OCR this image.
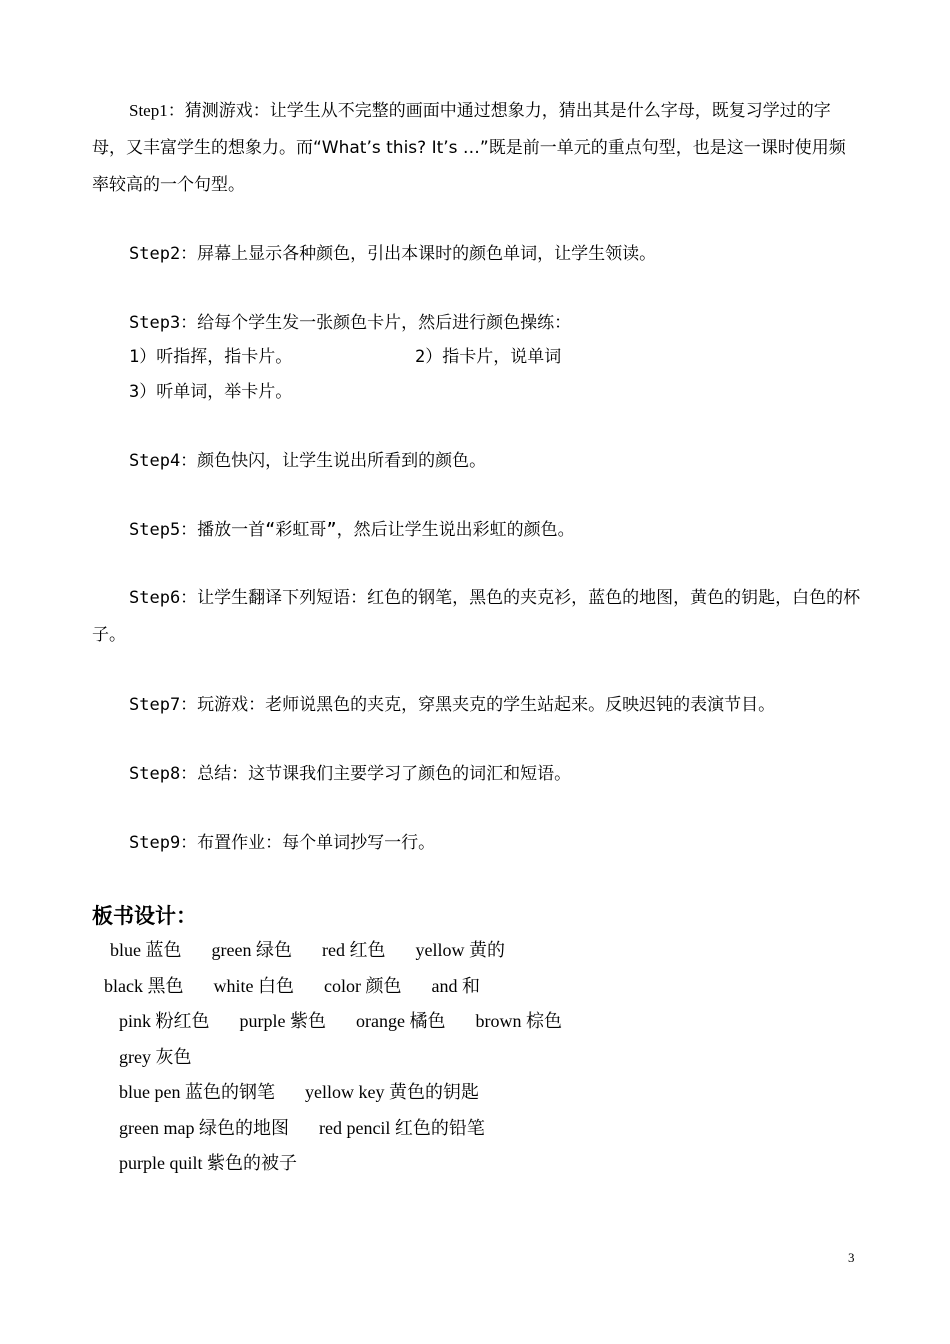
Step1：猜测游戏：让学生从不完整的画面中通过想象力，猜出其是什么字母，既复习学过的字母，又丰富学生的想象力。而“What’s this? It’s …”既是前一单元的重点句型，也是这一课时使用频率较高的一个句型。
Step2：屏幕上显示各种颜色，引出本课时的颜色单词，让学生领读。
Step3：给每个学生发一张颜色卡片，然后进行颜色操练：
1）听指挥，指卡片。	2）指卡片，说单词
3）听单词，举卡片。
Step4：颜色快闪，让学生说出所看到的颜色。
Step5：播放一首“彩虹哥”，然后让学生说出彩虹的颜色。
Step6：让学生翻译下列短语：红色的钢笔，黑色的夹克衫，蓝色的地图，黄色的钥匙，白色的杯子。
Step7：玩游戏：老师说黑色的夹克，穿黑夹克的学生站起来。反映迟钝的表演节目。
Step8：总结：这节课我们主要学习了颜色的词汇和短语。
Step9：布置作业：每个单词抄写一行。
板书设计：
blue 蓝色 green 绿色 red 红色 yellow 黄的
black 黑色 white 白色 color 颜色 and 和
pink 粉红色 purple 紫色 orange 橘色 brown 棕色
grey 灰色
blue pen 蓝色的钢笔 yellow key 黄色的钥匙
green map 绿色的地图 red pencil 红色的铅笔
purple quilt 紫色的被子
3
